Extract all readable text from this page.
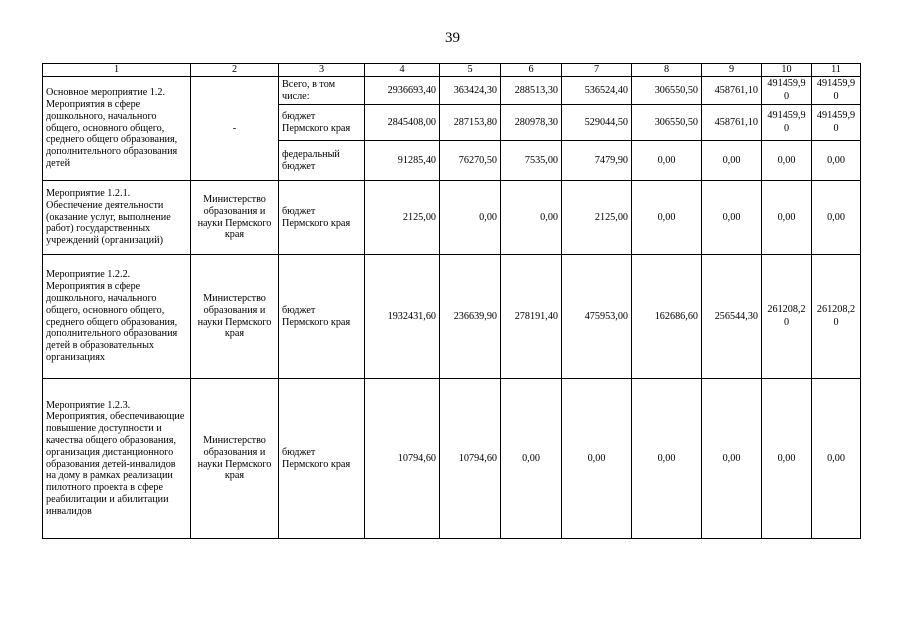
39
1	2	3	4	5	6	7	8	9	10	11
Основное мероприятие 1.2. Мероприятия в сфере дошкольного, начального общего, основного общего, среднего общего образования, дополнительного образования детей	-	Всего, в том числе:	2936693,40	363424,30	288513,30	536524,40	306550,50	458761,10	491459,90	491459,90
		бюджет Пермского края	2845408,00	287153,80	280978,30	529044,50	306550,50	458761,10	491459,90	491459,90
		федеральный бюджет	91285,40	76270,50	7535,00	7479,90	0,00	0,00	0,00	0,00
Мероприятие 1.2.1. Обеспечение деятельности (оказание услуг, выполнение работ) государственных учреждений (организаций)	Министерство образования и науки Пермского края	бюджет Пермского края	2125,00	0,00	0,00	2125,00	0,00	0,00	0,00	0,00
Мероприятие 1.2.2. Мероприятия в сфере дошкольного, начального общего, основного общего, среднего общего образования, дополнительного образования детей в образовательных организациях	Министерство образования и науки Пермского края	бюджет Пермского края	1932431,60	236639,90	278191,40	475953,00	162686,60	256544,30	261208,20	261208,20
Мероприятие 1.2.3. Мероприятия, обеспечивающие повышение доступности и качества общего образования, организация дистанционного образования детей-инвалидов на дому в рамках реализации пилотного проекта в сфере реабилитации и абилитации инвалидов	Министерство образования и науки Пермского края	бюджет Пермского края	10794,60	10794,60	0,00	0,00	0,00	0,00	0,00	0,00
